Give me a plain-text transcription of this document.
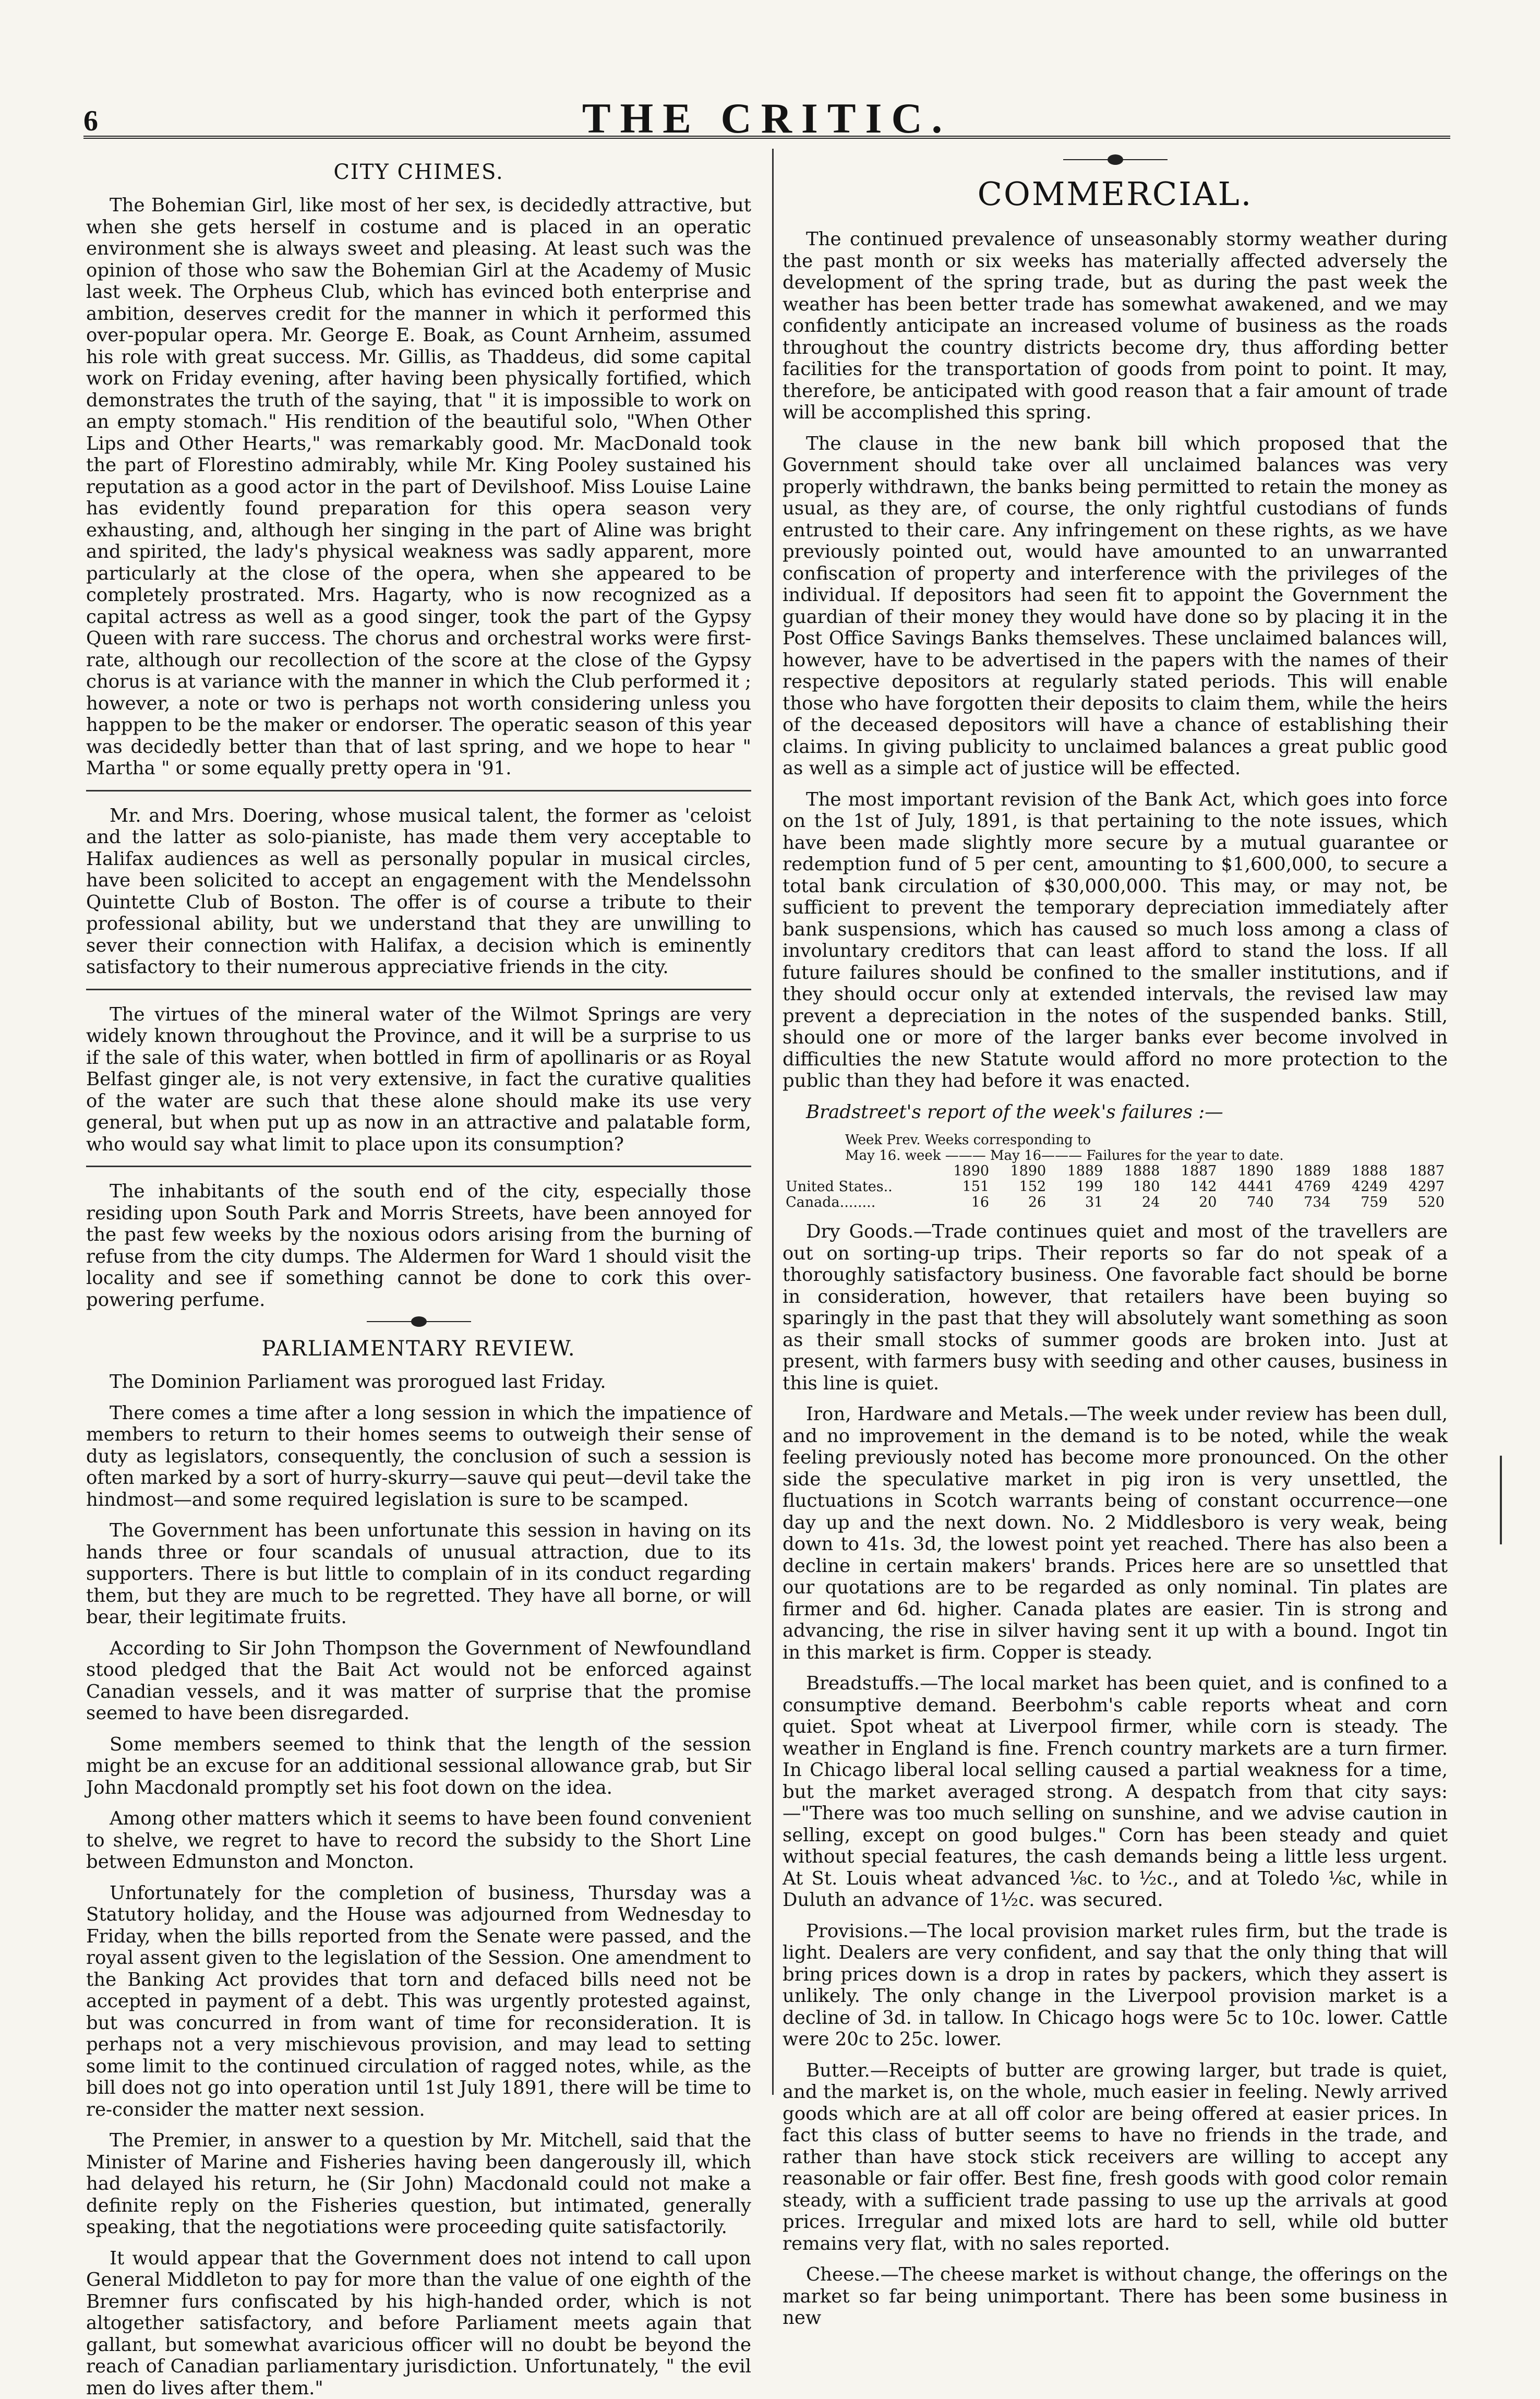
6	THE CRITIC.
CITY CHIMES.

The Bohemian Girl, like most of her sex, is decidedly attractive, but when she gets herself in costume and is placed in an operatic environment she is always sweet and pleasing. At least such was the opinion of those who saw the Bohemian Girl at the Academy of Music last week. The Orpheus Club, which has evinced both enterprise and ambition, deserves credit for the manner in which it performed this over-popular opera. Mr. George E. Boak, as Count Arnheim, assumed his role with great success. Mr. Gillis, as Thaddeus, did some capital work on Friday evening, after having been physically fortified, which demonstrates the truth of the saying, that " it is impossible to work on an empty stomach." His rendition of the beautiful solo, "When Other Lips and Other Hearts," was remarkably good. Mr. MacDonald took the part of Florestino admirably, while Mr. King Pooley sustained his reputation as a good actor in the part of Devilshoof. Miss Louise Laine has evidently found preparation for this opera season very exhausting, and, although her singing in the part of Aline was bright and spirited, the lady's physical weakness was sadly apparent, more particularly at the close of the opera, when she appeared to be completely prostrated. Mrs. Hagarty, who is now recognized as a capital actress as well as a good singer, took the part of the Gypsy Queen with rare success. The chorus and orchestral works were first-rate, although our recollection of the score at the close of the Gypsy chorus is at variance with the manner in which the Club performed it ; however, a note or two is perhaps not worth considering unless you happpen to be the maker or endorser. The operatic season of this year was decidedly better than that of last spring, and we hope to hear " Martha " or some equally pretty opera in '91.

Mr. and Mrs. Doering, whose musical talent, the former as 'celoist and the latter as solo-pianiste, has made them very acceptable to Halifax audiences as well as personally popular in musical circles, have been solicited to accept an engagement with the Mendelssohn Quintette Club of Boston. The offer is of course a tribute to their professional ability, but we understand that they are unwilling to sever their connection with Halifax, a decision which is eminently satisfactory to their numerous appreciative friends in the city.

The virtues of the mineral water of the Wilmot Springs are very widely known throughout the Province, and it will be a surprise to us if the sale of this water, when bottled in firm of apollinaris or as Royal Belfast ginger ale, is not very extensive, in fact the curative qualities of the water are such that these alone should make its use very general, but when put up as now in an attractive and palatable form, who would say what limit to place upon its consumption?

The inhabitants of the south end of the city, especially those residing upon South Park and Morris Streets, have been annoyed for the past few weeks by the noxious odors arising from the burning of refuse from the city dumps. The Aldermen for Ward 1 should visit the locality and see if something cannot be done to cork this over-powering perfume.

PARLIAMENTARY REVIEW.

The Dominion Parliament was prorogued last Friday.

There comes a time after a long session in which the impatience of members to return to their homes seems to outweigh their sense of duty as legislators, consequently, the conclusion of such a session is often marked by a sort of hurry-skurry—sauve qui peut—devil take the hindmost—and some required legislation is sure to be scamped.

The Government has been unfortunate this session in having on its hands three or four scandals of unusual attraction, due to its supporters. There is but little to complain of in its conduct regarding them, but they are much to be regretted. They have all borne, or will bear, their legitimate fruits.

According to Sir John Thompson the Government of Newfoundland stood pledged that the Bait Act would not be enforced against Canadian vessels, and it was matter of surprise that the promise seemed to have been disregarded.

Some members seemed to think that the length of the session might be an excuse for an additional sessional allowance grab, but Sir John Macdonald promptly set his foot down on the idea.

Among other matters which it seems to have been found convenient to shelve, we regret to have to record the subsidy to the Short Line between Edmunston and Moncton.

Unfortunately for the completion of business, Thursday was a Statutory holiday, and the House was adjourned from Wednesday to Friday, when the bills reported from the Senate were passed, and the royal assent given to the legislation of the Session. One amendment to the Banking Act provides that torn and defaced bills need not be accepted in payment of a debt. This was urgently protested against, but was concurred in from want of time for reconsideration. It is perhaps not a very mischievous provision, and may lead to setting some limit to the continued circulation of ragged notes, while, as the bill does not go into operation until 1st July 1891, there will be time to re-consider the matter next session.

The Premier, in answer to a question by Mr. Mitchell, said that the Minister of Marine and Fisheries having been dangerously ill, which had delayed his return, he (Sir John) Macdonald could not make a definite reply on the Fisheries question, but intimated, generally speaking, that the negotiations were proceeding quite satisfactorily.

It would appear that the Government does not intend to call upon General Middleton to pay for more than the value of one eighth of the Bremner furs confiscated by his high-handed order, which is not altogether satisfactory, and before Parliament meets again that gallant, but somewhat avaricious officer will no doubt be beyond the reach of Canadian parliamentary jurisdiction. Unfortunately, " the evil men do lives after them."

COMMERCIAL.

The continued prevalence of unseasonably stormy weather during the past month or six weeks has materially affected adversely the development of the spring trade, but as during the past week the weather has been better trade has somewhat awakened, and we may confidently anticipate an increased volume of business as the roads throughout the country districts become dry, thus affording better facilities for the transportation of goods from point to point. It may, therefore, be anticipated with good reason that a fair amount of trade will be accomplished this spring.

The clause in the new bank bill which proposed that the Government should take over all unclaimed balances was very properly withdrawn, the banks being permitted to retain the money as usual, as they are, of course, the only rightful custodians of funds entrusted to their care. Any infringement on these rights, as we have previously pointed out, would have amounted to an unwarranted confiscation of property and interference with the privileges of the individual. If depositors had seen fit to appoint the Government the guardian of their money they would have done so by placing it in the Post Office Savings Banks themselves. These unclaimed balances will, however, have to be advertised in the papers with the names of their respective depositors at regularly stated periods. This will enable those who have forgotten their deposits to claim them, while the heirs of the deceased depositors will have a chance of establishing their claims. In giving publicity to unclaimed balances a great public good as well as a simple act of justice will be effected.

The most important revision of the Bank Act, which goes into force on the 1st of July, 1891, is that pertaining to the note issues, which have been made slightly more secure by a mutual guarantee or redemption fund of 5 per cent, amounting to $1,600,000, to secure a total bank circulation of $30,000,000. This may, or may not, be sufficient to prevent the temporary depreciation immediately after bank suspensions, which has caused so much loss among a class of involuntary creditors that can least afford to stand the loss. If all future failures should be confined to the smaller institutions, and if they should occur only at extended intervals, the revised law may prevent a depreciation in the notes of the suspended banks. Still, should one or more of the larger banks ever become involved in difficulties the new Statute would afford no more protection to the public than they had before it was enacted.

Bradstreet's report of the week's failures :—

Week Prev. Weeks corresponding to
May 16. week ——— May 16——— Failures for the year to date.
	1890	1890	1889	1888	1887	1890	1889	1888	1887
United States..	151	152	199	180	142	4441	4769	4249	4297
Canada........	16	26	31	24	20	740	734	759	520

Dry Goods.—Trade continues quiet and most of the travellers are out on sorting-up trips. Their reports so far do not speak of a thoroughly satisfactory business. One favorable fact should be borne in consideration, however, that retailers have been buying so sparingly in the past that they will absolutely want something as soon as their small stocks of summer goods are broken into. Just at present, with farmers busy with seeding and other causes, business in this line is quiet.

Iron, Hardware and Metals.—The week under review has been dull, and no improvement in the demand is to be noted, while the weak feeling previously noted has become more pronounced. On the other side the speculative market in pig iron is very unsettled, the fluctuations in Scotch warrants being of constant occurrence—one day up and the next down. No. 2 Middlesboro is very weak, being down to 41s. 3d, the lowest point yet reached. There has also been a decline in certain makers' brands. Prices here are so unsettled that our quotations are to be regarded as only nominal. Tin plates are firmer and 6d. higher. Canada plates are easier. Tin is strong and advancing, the rise in silver having sent it up with a bound. Ingot tin in this market is firm. Copper is steady.

Breadstuffs.—The local market has been quiet, and is confined to a consumptive demand. Beerbohm's cable reports wheat and corn quiet. Spot wheat at Liverpool firmer, while corn is steady. The weather in England is fine. French country markets are a turn firmer. In Chicago liberal local selling caused a partial weakness for a time, but the market averaged strong. A despatch from that city says:—"There was too much selling on sunshine, and we advise caution in selling, except on good bulges." Corn has been steady and quiet without special features, the cash demands being a little less urgent. At St. Louis wheat advanced ⅛c. to ½c., and at Toledo ⅛c, while in Duluth an advance of 1½c. was secured.

Provisions.—The local provision market rules firm, but the trade is light. Dealers are very confident, and say that the only thing that will bring prices down is a drop in rates by packers, which they assert is unlikely. The only change in the Liverpool provision market is a decline of 3d. in tallow. In Chicago hogs were 5c to 10c. lower. Cattle were 20c to 25c. lower.

Butter.—Receipts of butter are growing larger, but trade is quiet, and the market is, on the whole, much easier in feeling. Newly arrived goods which are at all off color are being offered at easier prices. In fact this class of butter seems to have no friends in the trade, and rather than have stock stick receivers are willing to accept any reasonable or fair offer. Best fine, fresh goods with good color remain steady, with a sufficient trade passing to use up the arrivals at good prices. Irregular and mixed lots are hard to sell, while old butter remains very flat, with no sales reported.

Cheese.—The cheese market is without change, the offerings on the market so far being unimportant. There has been some business in new
